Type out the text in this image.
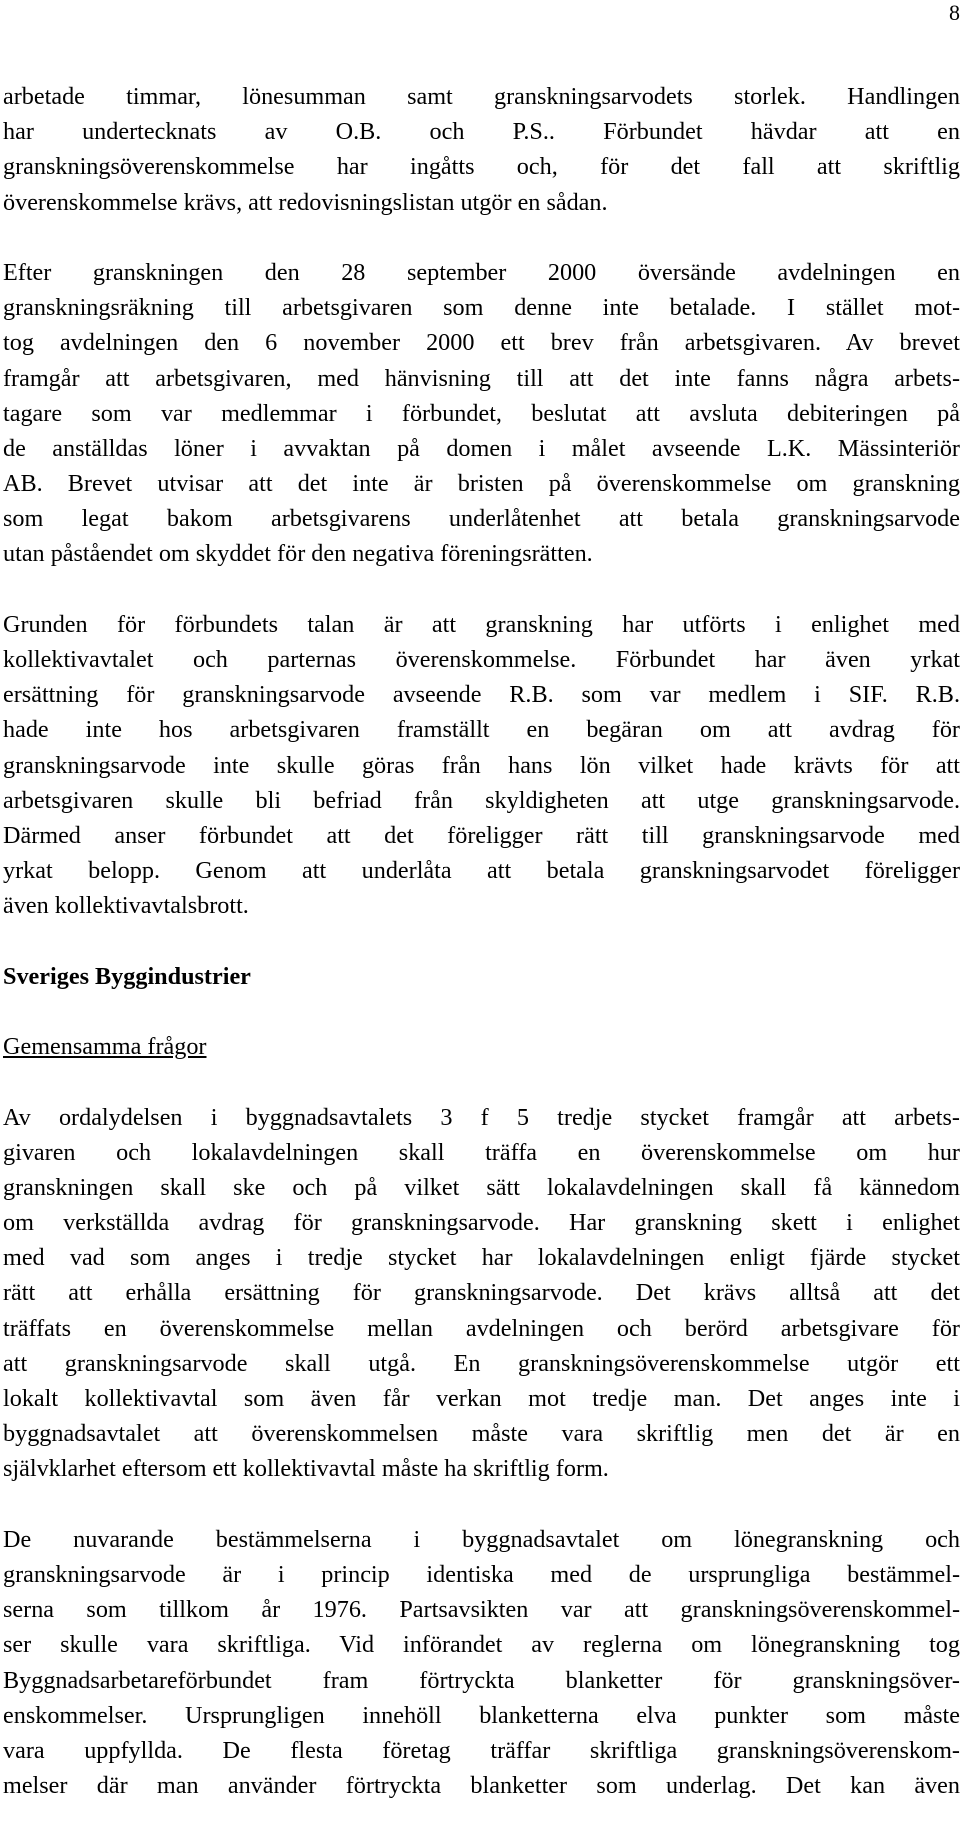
8

arbetade timmar, lönesumman samt granskningsarvodets storlek. Handlingen
har undertecknats av O.B. och P.S.. Förbundet hävdar att en
granskningsöverenskommelse har ingåtts och, för det fall att skriftlig
överenskommelse krävs, att redovisningslistan utgör en sådan.

Efter granskningen den 28 september 2000 översände avdelningen en
granskningsräkning till arbetsgivaren som denne inte betalade. I stället mot-
tog avdelningen den 6 november 2000 ett brev från arbetsgivaren. Av brevet
framgår att arbetsgivaren, med hänvisning till att det inte fanns några arbets-
tagare som var medlemmar i förbundet, beslutat att avsluta debiteringen på
de anställdas löner i avvaktan på domen i målet avseende L.K. Mässinteriör
AB. Brevet utvisar att det inte är bristen på överenskommelse om granskning
som legat bakom arbetsgivarens underlåtenhet att betala granskningsarvode
utan påståendet om skyddet för den negativa föreningsrätten.

Grunden för förbundets talan är att granskning har utförts i enlighet med
kollektivavtalet och parternas överenskommelse. Förbundet har även yrkat
ersättning för granskningsarvode avseende R.B. som var medlem i SIF. R.B.
hade inte hos arbetsgivaren framställt en begäran om att avdrag för
granskningsarvode inte skulle göras från hans lön vilket hade krävts för att
arbetsgivaren skulle bli befriad från skyldigheten att utge granskningsarvode.
Därmed anser förbundet att det föreligger rätt till granskningsarvode med
yrkat belopp. Genom att underlåta att betala granskningsarvodet föreligger
även kollektivavtalsbrott.

Sveriges Byggindustrier

Gemensamma frågor

Av ordalydelsen i byggnadsavtalets 3 f 5 tredje stycket framgår att arbets-
givaren och lokalavdelningen skall träffa en överenskommelse om hur
granskningen skall ske och på vilket sätt lokalavdelningen skall få kännedom
om verkställda avdrag för granskningsarvode. Har granskning skett i enlighet
med vad som anges i tredje stycket har lokalavdelningen enligt fjärde stycket
rätt att erhålla ersättning för granskningsarvode. Det krävs alltså att det
träffats en överenskommelse mellan avdelningen och berörd arbetsgivare för
att granskningsarvode skall utgå. En granskningsöverenskommelse utgör ett
lokalt kollektivavtal som även får verkan mot tredje man. Det anges inte i
byggnadsavtalet att överenskommelsen måste vara skriftlig men det är en
självklarhet eftersom ett kollektivavtal måste ha skriftlig form.

De nuvarande bestämmelserna i byggnadsavtalet om lönegranskning och
granskningsarvode är i princip identiska med de ursprungliga bestämmel-
serna som tillkom år 1976. Partsavsikten var att granskningsöverenskommel-
ser skulle vara skriftliga. Vid införandet av reglerna om lönegranskning tog
Byggnadsarbetareförbundet fram förtryckta blanketter för granskningsöver-
enskommelser. Ursprungligen innehöll blanketterna elva punkter som måste
vara uppfyllda. De flesta företag träffar skriftliga granskningsöverenskom-
melser där man använder förtryckta blanketter som underlag. Det kan även
